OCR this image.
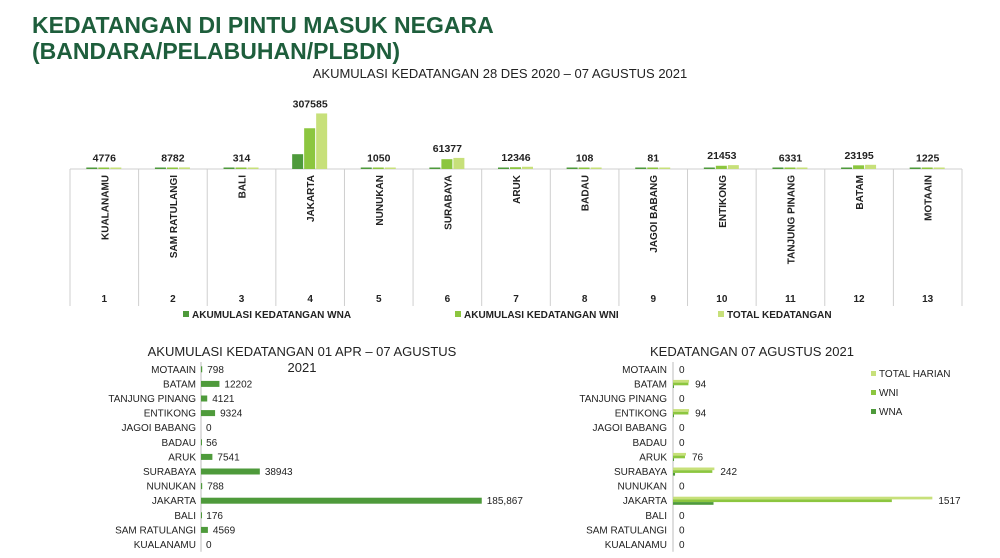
KEDATANGAN DI PINTU MASUK NEGARA
(BANDARA/PELABUHAN/PLBDN)
AKUMULASI KEDATANGAN 28 DES 2020 – 07 AGUSTUS 2021
4776
KUALANAMU
1
8782
SAM RATULANGI
2
314
BALI
3
307585
JAKARTA
4
1050
NUNUKAN
5
61377
SURABAYA
6
12346
ARUK
7
108
BADAU
8
81
JAGOI BABANG
9
21453
ENTIKONG
10
6331
TANJUNG PINANG
11
23195
BATAM
12
1225
MOTAAIN
13
AKUMULASI KEDATANGAN WNA	AKUMULASI KEDATANGAN WNI	TOTAL KEDATANGAN
AKUMULASI KEDATANGAN 01 APR – 07 AGUSTUS
2021
MOTAAIN 798
BATAM	12202
TANJUNG PINANG 4121
ENTIKONG 9324
JAGOI BABANG 0
BADAU 56
ARUK 7541
SURABAYA	38943
NUNUKAN 788
JAKARTA	185,867
BALI 176
SAM RATULANGI 4569
KUALANAMU 0
KEDATANGAN 07 AGUSTUS 2021
MOTAAIN 0
BATAM	94
TANJUNG PINANG 0
ENTIKONG	94
JAGOI BABANG 0
BADAU 0
ARUK 76
SURABAYA	242
NUNUKAN 0
JAKARTA	1517
BALI 0
SAM RATULANGI 0
KUALANAMU 0
TOTAL HARIAN
WNI
WNA
